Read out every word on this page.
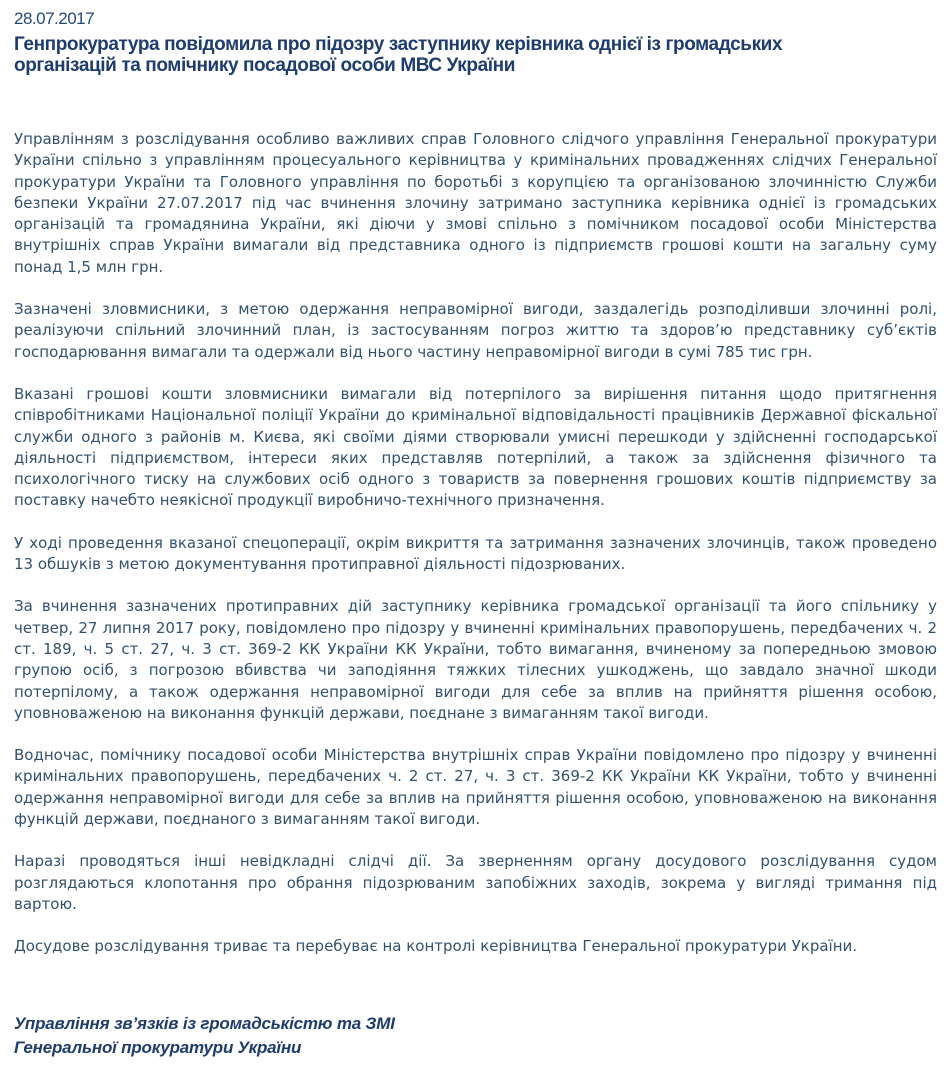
28.07.2017
Генпрокуратура повідомила про підозру заступнику керівника однієї із громадських організацій та помічнику посадової особи МВС України

Управлінням з розслідування особливо важливих справ Головного слідчого управління Генеральної прокуратури України спільно з управлінням процесуального керівництва у кримінальних провадженнях слідчих Генеральної прокуратури України та Головного управління по боротьбі з корупцією та організованою злочинністю Служби безпеки України 27.07.2017 під час вчинення злочину затримано заступника керівника однієї із громадських організацій та громадянина України, які діючи у змові спільно з помічником посадової особи Міністерства внутрішніх справ України вимагали від представника одного із підприємств грошові кошти на загальну суму понад 1,5 млн грн.

Зазначені зловмисники, з метою одержання неправомірної вигоди, заздалегідь розподіливши злочинні ролі, реалізуючи спільний злочинний план, із застосуванням погроз життю та здоров’ю представнику суб’єктів господарювання вимагали та одержали від нього частину неправомірної вигоди в сумі 785 тис грн.

Вказані грошові кошти зловмисники вимагали від потерпілого за вирішення питання щодо притягнення співробітниками Національної поліції України до кримінальної відповідальності працівників Державної фіскальної служби одного з районів м. Києва, які своїми діями створювали умисні перешкоди у здійсненні господарської діяльності підприємством, інтереси яких представляв потерпілий, а також за здійснення фізичного та психологічного тиску на службових осіб одного з товариств за повернення грошових коштів підприємству за поставку начебто неякісної продукції виробничо-технічного призначення.

У ході проведення вказаної спецоперації, окрім викриття та затримання зазначених злочинців, також проведено 13 обшуків з метою документування протиправної діяльності підозрюваних.

За вчинення зазначених протиправних дій заступнику керівника громадської організації та його спільнику у четвер, 27 липня 2017 року, повідомлено про підозру у вчиненні кримінальних правопорушень, передбачених ч. 2 ст. 189, ч. 5 ст. 27, ч. 3 ст. 369-2 КК України КК України, тобто вимагання, вчиненому за попередньою змовою групою осіб, з погрозою вбивства чи заподіяння тяжких тілесних ушкоджень, що завдало значної шкоди потерпілому, а також одержання неправомірної вигоди для себе за вплив на прийняття рішення особою, уповноваженою на виконання функцій держави, поєднане з вимаганням такої вигоди.

Водночас, помічнику посадової особи Міністерства внутрішніх справ України повідомлено про підозру у вчиненні кримінальних правопорушень, передбачених ч. 2 ст. 27, ч. 3 ст. 369-2 КК України КК України, тобто у вчиненні одержання неправомірної вигоди для себе за вплив на прийняття рішення особою, уповноваженою на виконання функцій держави, поєднаного з вимаганням такої вигоди.

Наразі проводяться інші невідкладні слідчі дії. За зверненням органу досудового розслідування судом розглядаються клопотання про обрання підозрюваним запобіжних заходів, зокрема у вигляді тримання під вартою.

Досудове розслідування триває та перебуває на контролі керівництва Генеральної прокуратури України.

Управління зв’язків із громадськістю та ЗМІ
Генеральної прокуратури України
